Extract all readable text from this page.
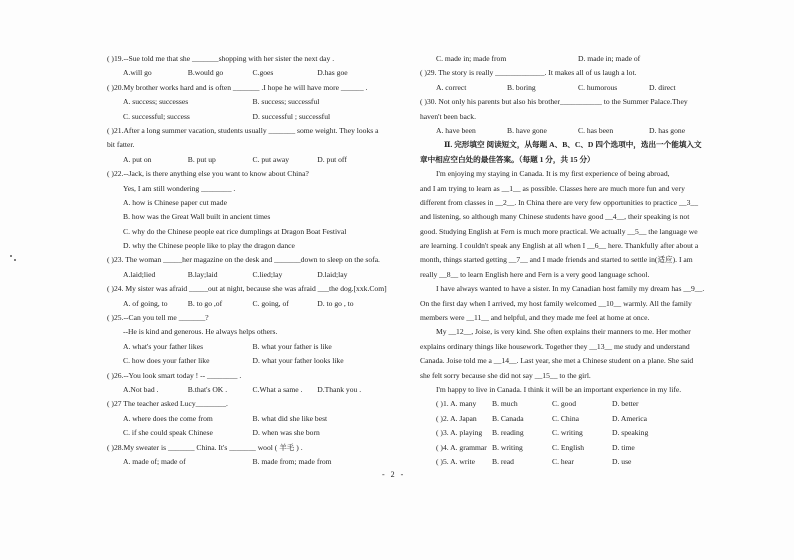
( )19.--Sue told me that she _______shopping with her sister the next day .
A.will go	B.would go	C.goes	D.has goe
( )20.My brother works hard and is often _______ .I hope he will have more ______ .
A. success; successes	B. success; successful
C. successful; success	D. successful ; successful
( )21.After a long summer vacation, students usually _______ some weight. They looks a
bit fatter.
A. put on	B. put up	C. put away	D. put off
( )22.--Jack, is there anything else you want to know about China?
Yes, I am still wondering ________ .
A. how is Chinese paper cut made
B. how was the Great Wall built in ancient times
C. why do the Chinese people eat rice dumplings at Dragon Boat Festival
D. why the Chinese people like to play the dragon dance
( )23. The woman _____her magazine on the desk and _______down to sleep on the sofa.
A.laid;lied	B.lay;laid	C.lied;lay	D.laid;lay
( )24. My sister was afraid _____out at night, because she was afraid ___the dog.[xxk.Com]
A. of going, to	B. to go ,of	C. going, of	D. to go , to
( )25.--Can you tell me _______?
--He is kind and generous. He always helps others.
A. what's your father likes	B. what your father is like
C. how does your father like	D. what your father looks like
( )26.--You look smart today ! -- ________ .
A.Not bad .	B.that's OK .	C.What a same .	D.Thank you .
( )27 The teacher asked Lucy________.
A. where does the come from	B. what did she like best
C. if she could speak Chinese	D. when was she born
( )28.My sweater is _______ China. It's _______ wool ( 羊毛 ) .
A. made of; made of	B. made from; made from
C. made in; made from	D. made in; made of
( )29. The story is really _____________. It makes all of us laugh a lot.
A. correct	B. boring	C. humorous	D. direct
( )30. Not only his parents but also his brother___________ to the Summer Palace.They
haven't been back.
A. have been	B. have gone	C. has been	D. has gone
Ⅱ. 完形填空 阅读短文，从每题 A、B、C、D 四个选项中，选出一个能填入文
章中相应空白处的最佳答案。（每题 1 分，共 15 分）
I'm enjoying my staying in Canada. It is my first experience of being abroad,
and I am trying to learn as __1__ as possible. Classes here are much more fun and very
different from classes in __2__. In China there are very few opportunities to practice __3__
and listening, so although many Chinese students have good __4__, their speaking is not
good. Studying English at Fern is much more practical. We actually __5__ the language we
are learning. I couldn't speak any English at all when I __6__ here. Thankfully after about a
month, things started getting __7__ and I made friends and started to settle in(适应). I am
really __8__ to learn English here and Fern is a very good language school.
I have always wanted to have a sister. In my Canadian host family my dream has __9__.
On the first day when I arrived, my host family welcomed __10__ warmly. All the family
members were __11__ and helpful, and they made me feel at home at once.
My __12__, Joise, is very kind. She often explains their manners to me. Her mother
explains ordinary things like housework. Together they __13__ me study and understand
Canada. Joise told me a __14__. Last year, she met a Chinese student on a plane. She said
she felt sorry because she did not say __15__ to the girl.
I'm happy to live in Canada. I think it will be an important experience in my life.
( )1. A. many	B. much	C. good	D. better
( )2. A. Japan	B. Canada	C. China	D. America
( )3. A. playing	B. reading	C. writing	D. speaking
( )4. A. grammar B. writing	C. English	D. time
( )5. A. write	B. read	C. hear	D. use
- 2 -
